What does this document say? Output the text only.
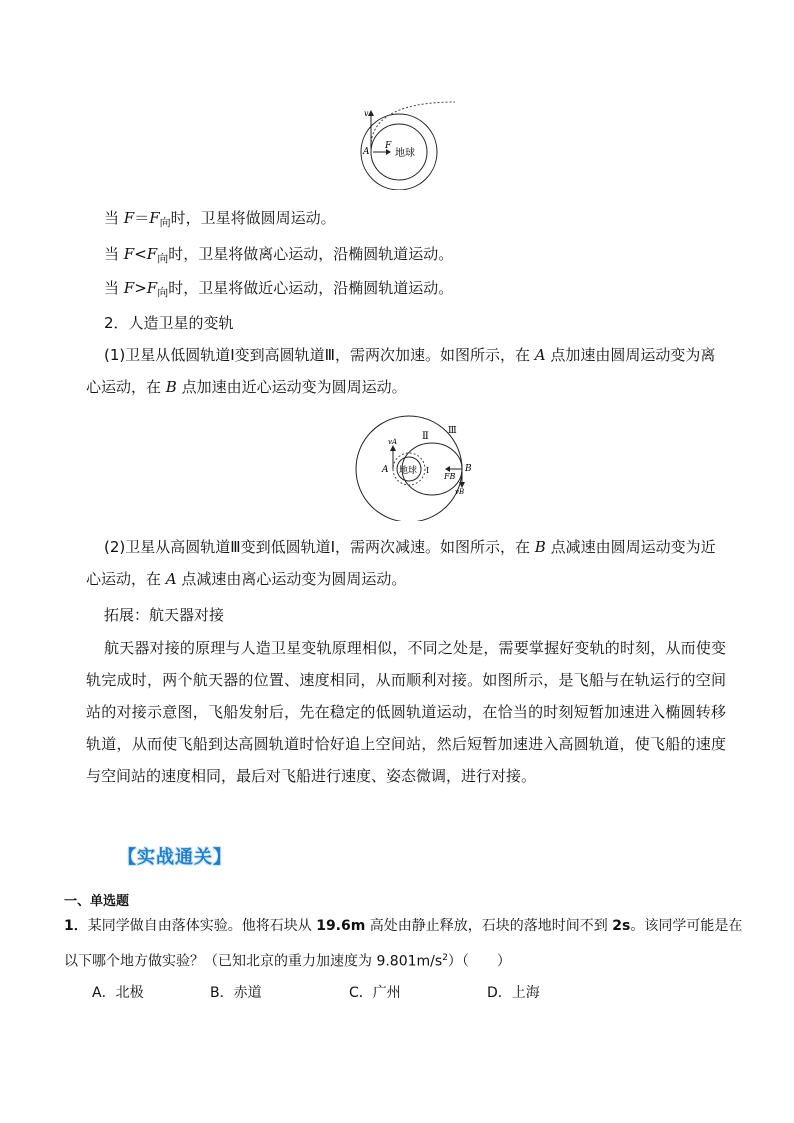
v
A
F
地球
当 $F=F_向$时，卫星将做圆周运动。
当 $F<F_向$时，卫星将做离心运动，沿椭圆轨道运动。
当 $F>F_向$时，卫星将做近心运动，沿椭圆轨道运动。
2．人造卫星的变轨
(1)卫星从低圆轨道Ⅰ变到高圆轨道Ⅲ，需两次加速。如图所示，在 A 点加速由圆周运动变为离心运动，在 B 点加速由近心运动变为圆周运动。
Ⅱ Ⅲ
Ⅰ
vA
A 地球
FB
B
vB
(2)卫星从高圆轨道Ⅲ变到低圆轨道Ⅰ，需两次减速。如图所示，在 B 点减速由圆周运动变为近心运动，在 A 点减速由离心运动变为圆周运动。
拓展：航天器对接
航天器对接的原理与人造卫星变轨原理相似，不同之处是，需要掌握好变轨的时刻，从而使变轨完成时，两个航天器的位置、速度相同，从而顺利对接。如图所示，是飞船与在轨运行的空间站的对接示意图，飞船发射后，先在稳定的低圆轨道运动，在恰当的时刻短暂加速进入椭圆转移轨道，从而使飞船到达高圆轨道时恰好追上空间站，然后短暂加速进入高圆轨道，使飞船的速度与空间站的速度相同，最后对飞船进行速度、姿态微调，进行对接。
【实战通关】
一、单选题
1．某同学做自由落体实验。他将石块从 19.6m 高处由静止释放，石块的落地时间不到 2s。该同学可能是在以下哪个地方做实验？（已知北京的重力加速度为 $9.801m/s^2$）（　　）
A．北极	B．赤道	C．广州	D．上海
